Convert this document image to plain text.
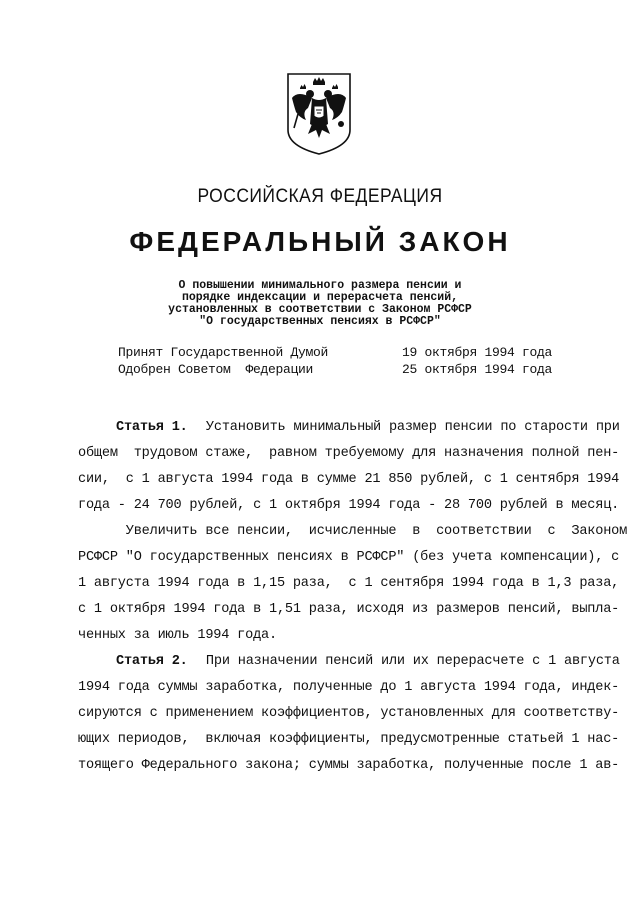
РОССИЙСКАЯ ФЕДЕРАЦИЯ
ФЕДЕРАЛЬНЫЙ ЗАКОН
О повышении минимального размера пенсии и
порядке индексации и перерасчета пенсий,
установленных в соответствии с Законом РСФСР
"О государственных пенсиях в РСФСР"
Принят Государственной Думой	19 октября 1994 года
Одобрен Советом  Федерации	25 октября 1994 года
Статья 1. Установить минимальный размер пенсии по старости при
общем  трудовом стаже,  равном требуемому для назначения полной пен-
сии,  с 1 августа 1994 года в сумме 21 850 рублей, с 1 сентября 1994
года - 24 700 рублей, с 1 октября 1994 года - 28 700 рублей в месяц.
Увеличить все пенсии,  исчисленные  в  соответствии  с  Законом
РСФСР "О государственных пенсиях в РСФСР" (без учета компенсации), с
1 августа 1994 года в 1,15 раза,  с 1 сентября 1994 года в 1,3 раза,
с 1 октября 1994 года в 1,51 раза, исходя из размеров пенсий, выпла-
ченных за июль 1994 года.
Статья 2. При назначении пенсий или их перерасчете с 1 августа
1994 года суммы заработка, полученные до 1 августа 1994 года, индек-
сируются с применением коэффициентов, установленных для соответству-
ющих периодов,  включая коэффициенты, предусмотренные статьей 1 нас-
тоящего Федерального закона; суммы заработка, полученные после 1 ав-
